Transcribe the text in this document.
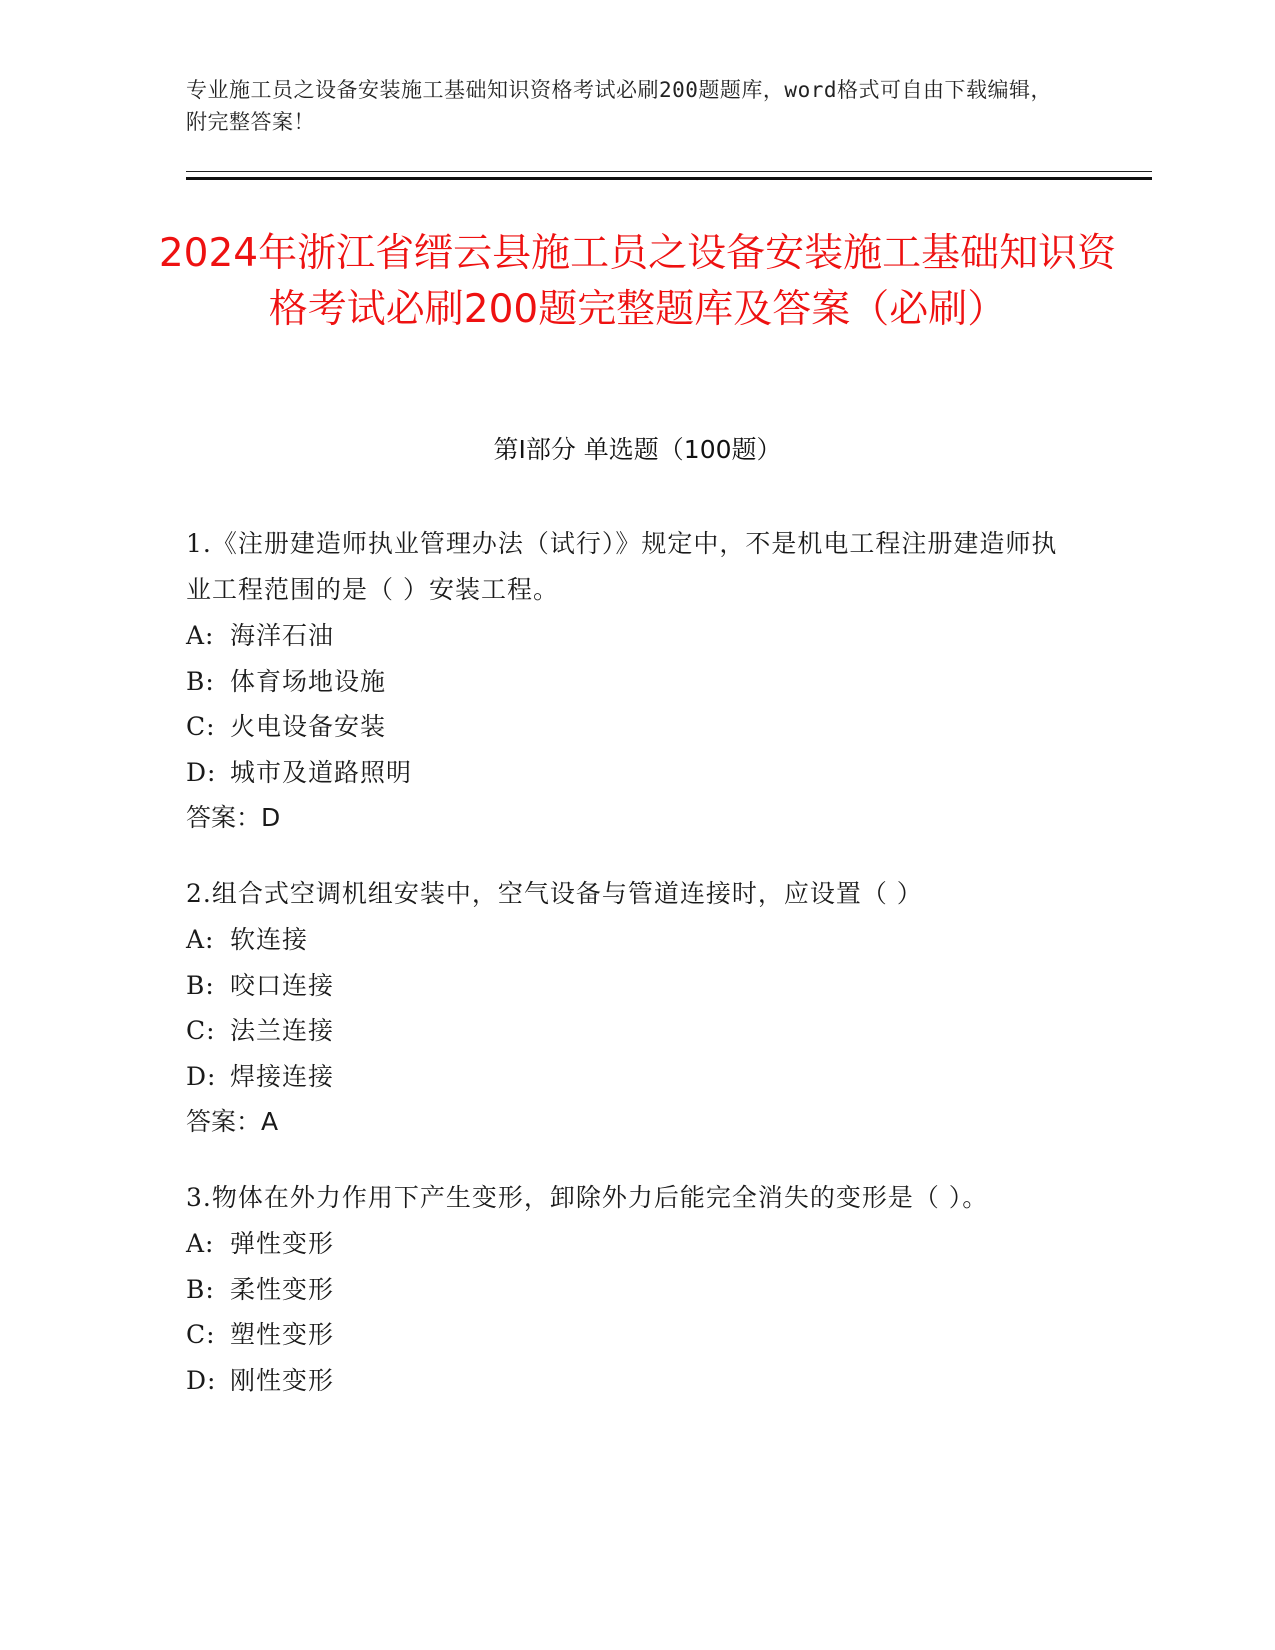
专业施工员之设备安装施工基础知识资格考试必刷200题题库，word格式可自由下载编辑，附完整答案！
2024年浙江省缙云县施工员之设备安装施工基础知识资格考试必刷200题完整题库及答案（必刷）
第I部分 单选题（100题）
1.《注册建造师执业管理办法（试行）》规定中，不是机电工程注册建造师执业工程范围的是（ ）安装工程。
A: 海洋石油
B: 体育场地设施
C: 火电设备安装
D: 城市及道路照明
答案：D
2.组合式空调机组安装中，空气设备与管道连接时，应设置（ ）
A: 软连接
B: 咬口连接
C: 法兰连接
D: 焊接连接
答案：A
3.物体在外力作用下产生变形，卸除外力后能完全消失的变形是（ ）。
A: 弹性变形
B: 柔性变形
C: 塑性变形
D: 刚性变形
